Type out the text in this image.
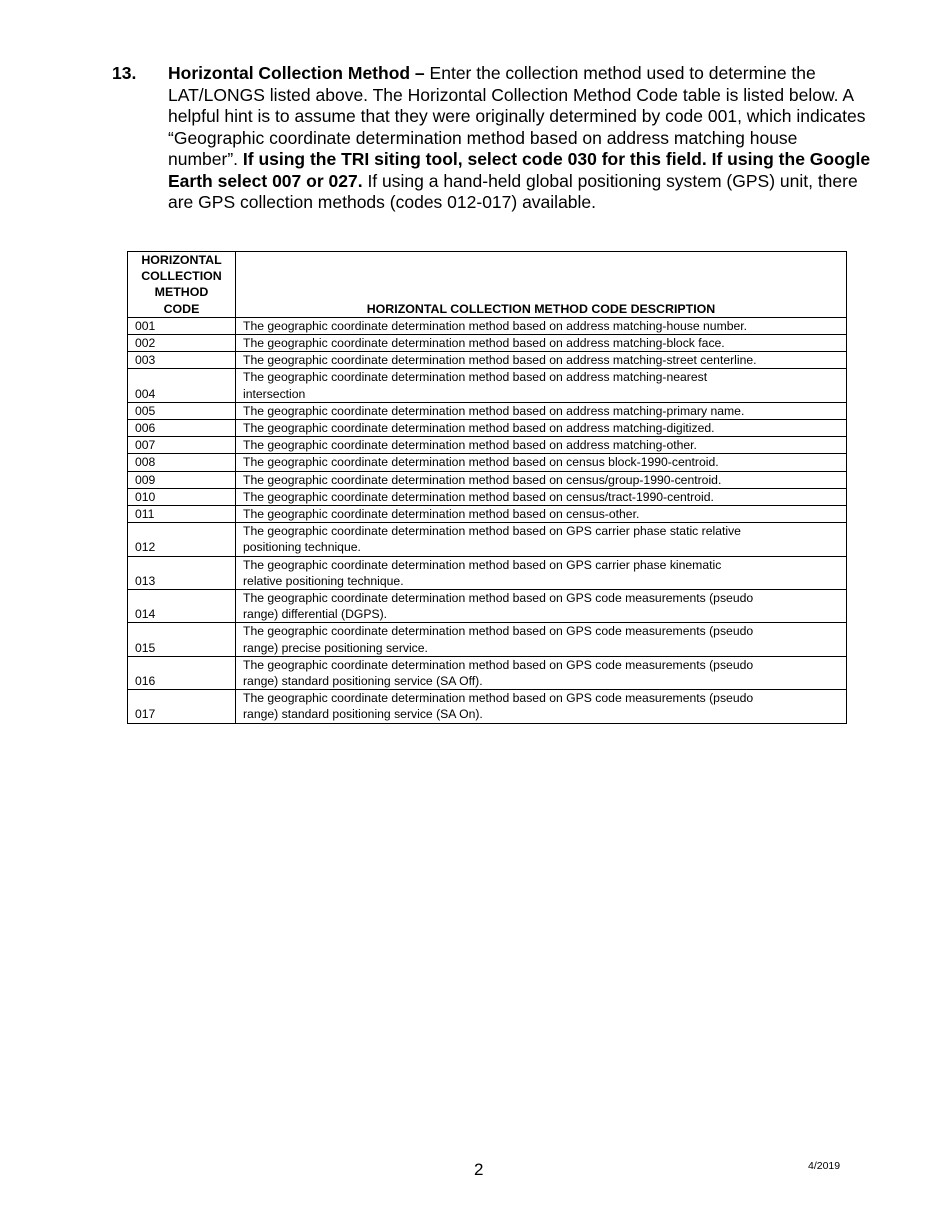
13. Horizontal Collection Method – Enter the collection method used to determine the LAT/LONGS listed above. The Horizontal Collection Method Code table is listed below. A helpful hint is to assume that they were originally determined by code 001, which indicates “Geographic coordinate determination method based on address matching house number”. If using the TRI siting tool, select code 030 for this field. If using the Google Earth select 007 or 027. If using a hand-held global positioning system (GPS) unit, there are GPS collection methods (codes 012-017) available.
HORIZONTAL
COLLECTION
METHOD
CODE	HORIZONTAL COLLECTION METHOD CODE DESCRIPTION
001	The geographic coordinate determination method based on address matching-house number.

002	The geographic coordinate determination method based on address matching-block face.

003	The geographic coordinate determination method based on address matching-street centerline.

004	The geographic coordinate determination method based on address matching-nearest
intersection

005	The geographic coordinate determination method based on address matching-primary name.

006	The geographic coordinate determination method based on address matching-digitized.

007	The geographic coordinate determination method based on address matching-other.

008	The geographic coordinate determination method based on census block-1990-centroid.

009	The geographic coordinate determination method based on census/group-1990-centroid.

010	The geographic coordinate determination method based on census/tract-1990-centroid.

011	The geographic coordinate determination method based on census-other.

012	The geographic coordinate determination method based on GPS carrier phase static relative
positioning technique.

013	The geographic coordinate determination method based on GPS carrier phase kinematic
relative positioning technique.

014	The geographic coordinate determination method based on GPS code measurements (pseudo
range) differential (DGPS).

015	The geographic coordinate determination method based on GPS code measurements (pseudo
range) precise positioning service.

016	The geographic coordinate determination method based on GPS code measurements (pseudo
range) standard positioning service (SA Off).

017	The geographic coordinate determination method based on GPS code measurements (pseudo
range) standard positioning service (SA On).
2	4/2019
